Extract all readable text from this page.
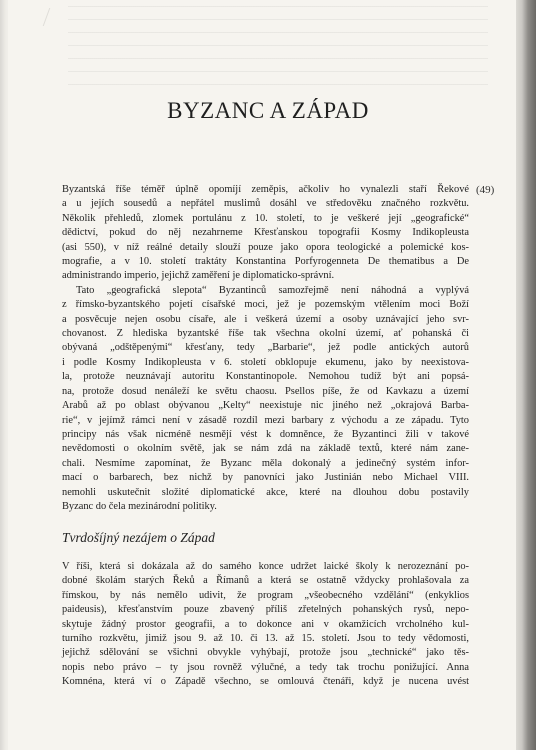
BYZANC A ZÁPAD
(49)
Byzantská říše téměř úplně opomíjí zeměpis, ačkoliv ho vynalezli staří Řekové
a u jejích sousedů a nepřátel muslimů dosáhl ve středověku značného rozkvětu.
Několik přehledů, zlomek portulánu z 10. století, to je veškeré její „geografické“
dědictví, pokud do něj nezahrneme Křesťanskou topografii Kosmy Indikopleusta
(asi 550), v níž reálné detaily slouží pouze jako opora teologické a polemické kos-
mografie, a v 10. století traktáty Konstantina Porfyrogenneta De thematibus a De
administrando imperio, jejichž zaměření je diplomaticko-správní.
Tato „geografická slepota“ Byzantinců samozřejmě není náhodná a vyplývá
z římsko-byzantského pojetí císařské moci, jež je pozemským vtělením moci Boží
a posvěcuje nejen osobu císaře, ale i veškerá území a osoby uznávající jeho svr-
chovanost. Z hlediska byzantské říše tak všechna okolní území, ať pohanská či
obývaná „odštěpenými“ křesťany, tedy „Barbarie“, jež podle antických autorů
i podle Kosmy Indikopleusta v 6. století obklopuje ekumenu, jako by neexistova-
la, protože neuznávají autoritu Konstantinopole. Nemohou tudíž být ani popsá-
na, protože dosud nenáleží ke světu chaosu. Psellos píše, že od Kavkazu a území
Arabů až po oblast obývanou „Kelty“ neexistuje nic jiného než „okrajová Barba-
rie“, v jejímž rámci není v zásadě rozdíl mezi barbary z východu a ze západu. Tyto
principy nás však nicméně nesmějí vést k domněnce, že Byzantinci žili v takové
nevědomosti o okolním světě, jak se nám zdá na základě textů, které nám zane-
chali. Nesmíme zapomínat, že Byzanc měla dokonalý a jedinečný systém infor-
mací o barbarech, bez nichž by panovníci jako Justinián nebo Michael VIII.
nemohli uskutečnit složité diplomatické akce, které na dlouhou dobu postavily
Byzanc do čela mezinárodní politiky.
Tvrdošíjný nezájem o Západ
V říši, která si dokázala až do samého konce udržet laické školy k nerozeznání po-
dobné školám starých Řeků a Římanů a která se ostatně vždycky prohlašovala za
římskou, by nás nemělo udivit, že program „všeobecného vzdělání“ (enkyklios
paideusis), křesťanstvím pouze zbavený příliš zřetelných pohanských rysů, nepo-
skytuje žádný prostor geografii, a to dokonce ani v okamžicích vrcholného kul-
turního rozkvětu, jimiž jsou 9. až 10. či 13. až 15. století. Jsou to tedy vědomosti,
jejichž sdělování se všichni obvykle vyhýbají, protože jsou „technické“ jako těs-
nopis nebo právo – ty jsou rovněž výlučné, a tedy tak trochu ponižující. Anna
Komnéna, která ví o Západě všechno, se omlouvá čtenáři, když je nucena uvést
